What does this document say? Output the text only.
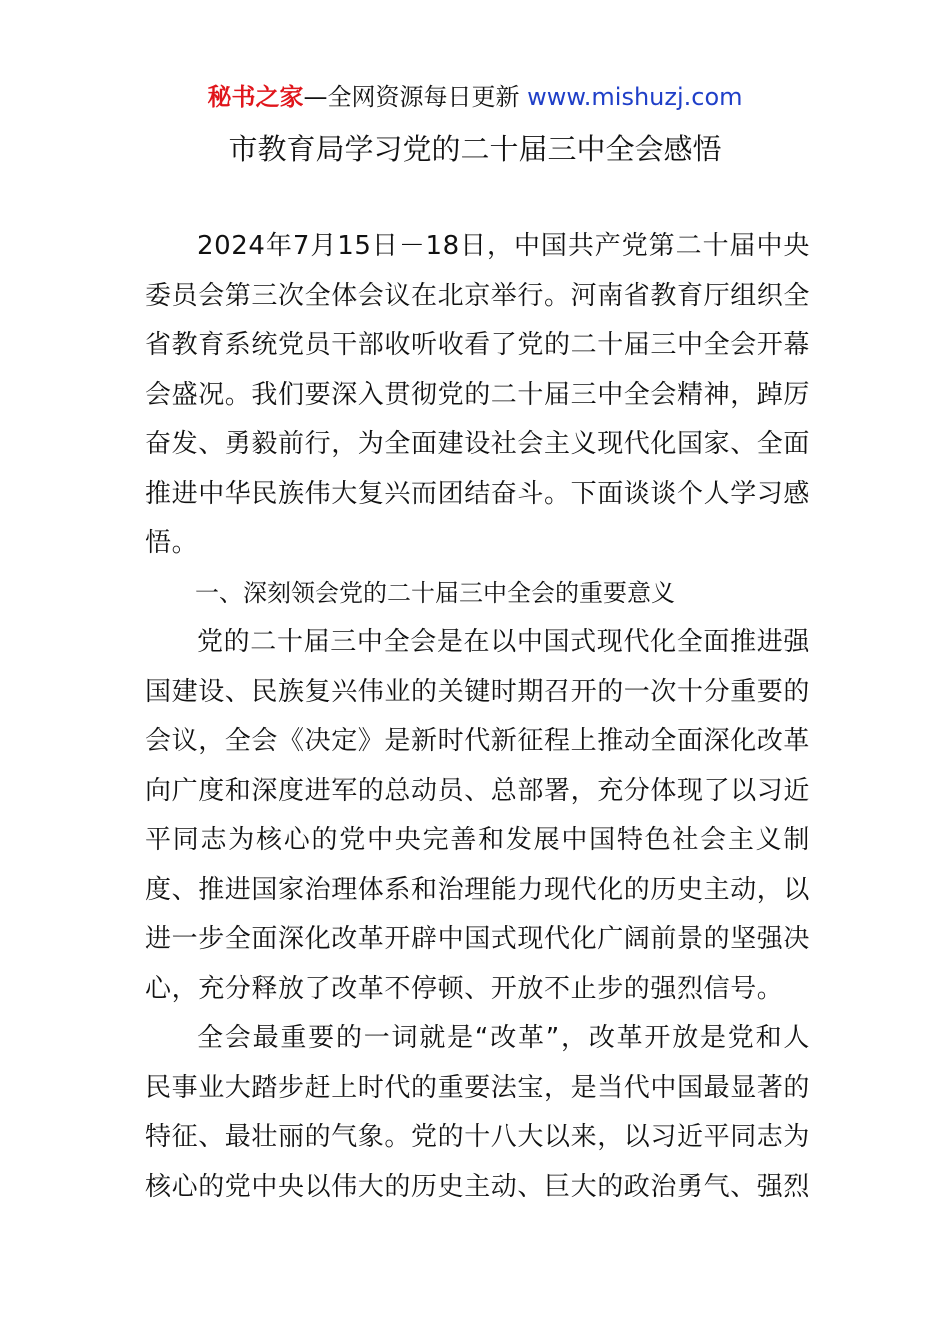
秘书之家—全网资源每日更新 www.mishuzj.com
市教育局学习党的二十届三中全会感悟

2024年7月15日－18日，中国共产党第二十届中央委员会第三次全体会议在北京举行。河南省教育厅组织全省教育系统党员干部收听收看了党的二十届三中全会开幕会盛况。我们要深入贯彻党的二十届三中全会精神，踔厉奋发、勇毅前行，为全面建设社会主义现代化国家、全面推进中华民族伟大复兴而团结奋斗。下面谈谈个人学习感悟。

一、深刻领会党的二十届三中全会的重要意义

党的二十届三中全会是在以中国式现代化全面推进强国建设、民族复兴伟业的关键时期召开的一次十分重要的会议，全会《决定》是新时代新征程上推动全面深化改革向广度和深度进军的总动员、总部署，充分体现了以习近平同志为核心的党中央完善和发展中国特色社会主义制度、推进国家治理体系和治理能力现代化的历史主动，以进一步全面深化改革开辟中国式现代化广阔前景的坚强决心，充分释放了改革不停顿、开放不止步的强烈信号。

全会最重要的一词就是“改革”，改革开放是党和人民事业大踏步赶上时代的重要法宝，是当代中国最显著的特征、最壮丽的气象。党的十八大以来，以习近平同志为核心的党中央以伟大的历史主动、巨大的政治勇气、强烈
